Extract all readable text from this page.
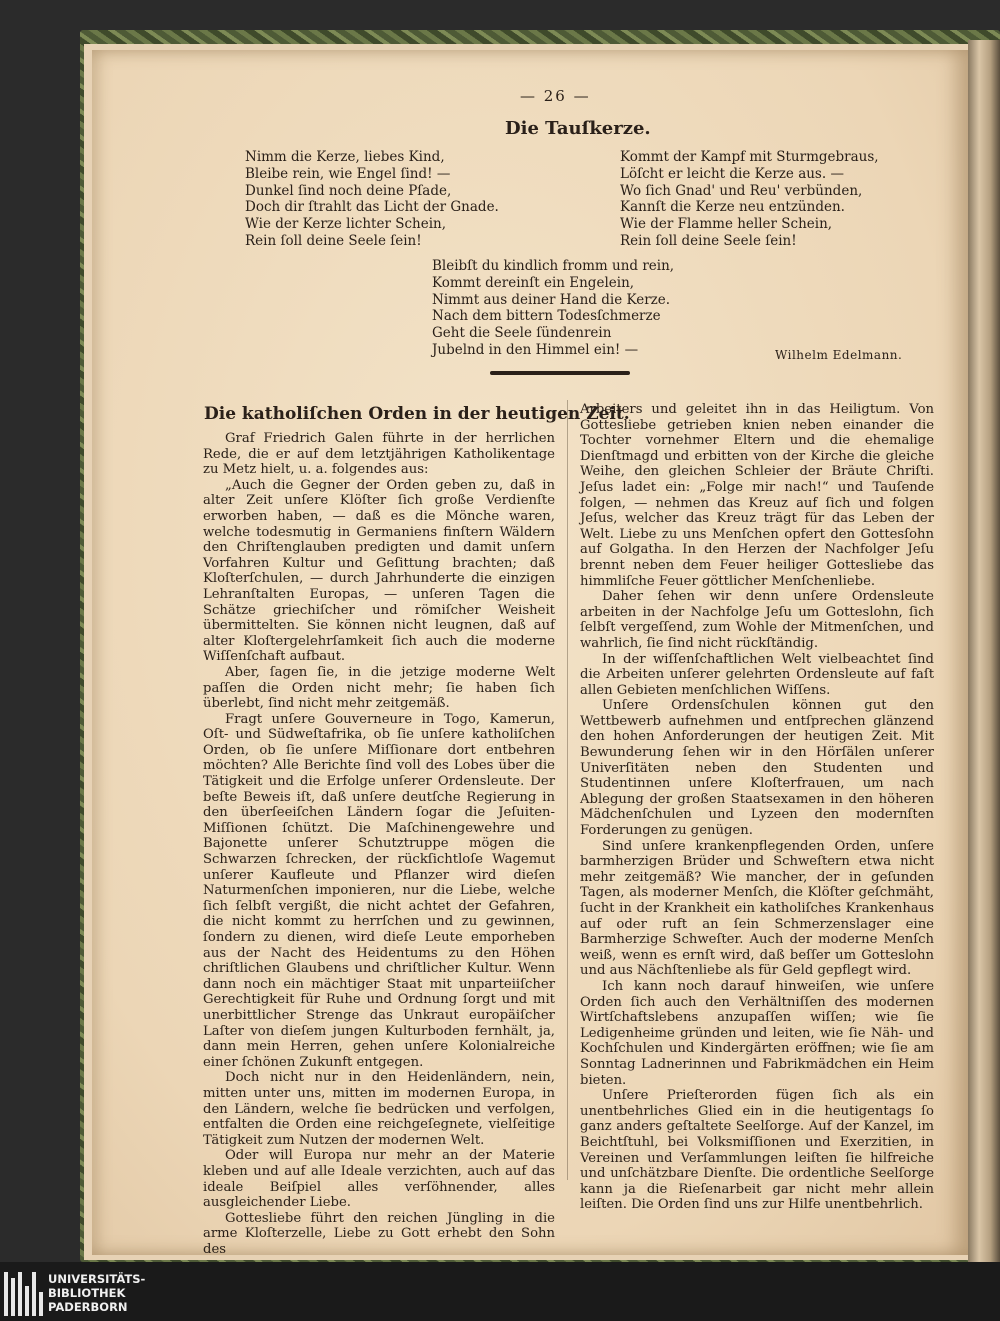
— 26 —
Die Tauſkerze.
Nimm die Kerze, liebes Kind,
Bleibe rein, wie Engel ſind! —
Dunkel ſind noch deine Pſade,
Doch dir ſtrahlt das Licht der Gnade.
Wie der Kerze lichter Schein,
Rein ſoll deine Seele ſein!
Kommt der Kampf mit Sturmgebraus,
Löſcht er leicht die Kerze aus. —
Wo ſich Gnad' und Reu' verbünden,
Kannſt die Kerze neu entzünden.
Wie der Flamme heller Schein,
Rein ſoll deine Seele ſein!
Bleibſt du kindlich fromm und rein,
Kommt dereinſt ein Engelein,
Nimmt aus deiner Hand die Kerze.
Nach dem bittern Todesſchmerze
Geht die Seele ſündenrein
Jubelnd in den Himmel ein! —	Wilhelm Edelmann.
Die katholiſchen Orden in der heutigen Zeit.

Graf Friedrich Galen führte in der herrlichen Rede, die er auf dem letztjährigen Katholikentage zu Metz hielt, u. a. folgendes aus:

„Auch die Gegner der Orden geben zu, daß in alter Zeit unſere Klöſter ſich große Verdienſte erworben haben, — daß es die Mönche waren, welche todesmutig in Germaniens finſtern Wäldern den Chriſtenglauben predigten und damit unſern Vorfahren Kultur und Geſittung brachten; daß Kloſterſchulen, — durch Jahrhunderte die einzigen Lehranſtalten Europas, — unſeren Tagen die Schätze griechiſcher und römiſcher Weisheit übermittelten. Sie können nicht leugnen, daß auf alter Kloſtergelehrſamkeit ſich auch die moderne Wiſſenſchaft aufbaut.

Aber, ſagen ſie, in die jetzige moderne Welt paſſen die Orden nicht mehr; ſie haben ſich überlebt, ſind nicht mehr zeitgemäß.

Fragt unſere Gouverneure in Togo, Kamerun, Oſt- und Südweſtafrika, ob ſie unſere katholiſchen Orden, ob ſie unſere Miſſionare dort entbehren möchten? Alle Berichte ſind voll des Lobes über die Tätigkeit und die Erfolge unſerer Ordensleute. Der beſte Beweis iſt, daß unſere deutſche Regierung in den überſeeiſchen Ländern ſogar die Jeſuiten-Miſſionen ſchützt. Die Maſchinengewehre und Bajonette unſerer Schutztruppe mögen die Schwarzen ſchrecken, der rückſichtloſe Wagemut unſerer Kaufleute und Pflanzer wird dieſen Naturmenſchen imponieren, nur die Liebe, welche ſich ſelbſt vergißt, die nicht achtet der Gefahren, die nicht kommt zu herrſchen und zu gewinnen, ſondern zu dienen, wird dieſe Leute emporheben aus der Nacht des Heidentums zu den Höhen chriſtlichen Glaubens und chriſtlicher Kultur. Wenn dann noch ein mächtiger Staat mit unparteiiſcher Gerechtigkeit für Ruhe und Ordnung ſorgt und mit unerbittlicher Strenge das Unkraut europäiſcher Laſter von dieſem jungen Kulturboden fernhält, ja, dann mein Herren, gehen unſere Kolonialreiche einer ſchönen Zukunft entgegen.

Doch nicht nur in den Heidenländern, nein, mitten unter uns, mitten im modernen Europa, in den Ländern, welche ſie bedrücken und verfolgen, entfalten die Orden eine reichgeſegnete, vielſeitige Tätigkeit zum Nutzen der modernen Welt.

Oder will Europa nur mehr an der Materie kleben und auf alle Ideale verzichten, auch auf das ideale Beiſpiel alles verſöhnender, alles ausgleichender Liebe.

Gottesliebe führt den reichen Jüngling in die arme Kloſterzelle, Liebe zu Gott erhebt den Sohn des

Arbeiters und geleitet ihn in das Heiligtum. Von Gottesliebe getrieben knien neben einander die Tochter vornehmer Eltern und die ehemalige Dienſtmagd und erbitten von der Kirche die gleiche Weihe, den gleichen Schleier der Bräute Chriſti. Jeſus ladet ein: „Folge mir nach!“ und Tauſende folgen, — nehmen das Kreuz auf ſich und folgen Jeſus, welcher das Kreuz trägt für das Leben der Welt. Liebe zu uns Menſchen opfert den Gottesſohn auf Golgatha. In den Herzen der Nachfolger Jeſu brennt neben dem Feuer heiliger Gottesliebe das himmliſche Feuer göttlicher Menſchenliebe.

Daher ſehen wir denn unſere Ordensleute arbeiten in der Nachfolge Jeſu um Gotteslohn, ſich ſelbſt vergeſſend, zum Wohle der Mitmenſchen, und wahrlich, ſie ſind nicht rückſtändig.

In der wiſſenſchaftlichen Welt vielbeachtet ſind die Arbeiten unſerer gelehrten Ordensleute auf faſt allen Gebieten menſchlichen Wiſſens.

Unſere Ordensſchulen können gut den Wettbewerb aufnehmen und entſprechen glänzend den hohen Anforderungen der heutigen Zeit. Mit Bewunderung ſehen wir in den Hörſälen unſerer Univerſitäten neben den Studenten und Studentinnen unſere Kloſterfrauen, um nach Ablegung der großen Staatsexamen in den höheren Mädchenſchulen und Lyzeen den modernſten Forderungen zu genügen.

Sind unſere krankenpflegenden Orden, unſere barmherzigen Brüder und Schweſtern etwa nicht mehr zeitgemäß? Wie mancher, der in geſunden Tagen, als moderner Menſch, die Klöſter geſchmäht, ſucht in der Krankheit ein katholiſches Krankenhaus auf oder ruft an ſein Schmerzenslager eine Barmherzige Schweſter. Auch der moderne Menſch weiß, wenn es ernſt wird, daß beſſer um Gotteslohn und aus Nächſtenliebe als für Geld gepflegt wird.

Ich kann noch darauf hinweiſen, wie unſere Orden ſich auch den Verhältniſſen des modernen Wirtſchaftslebens anzupaſſen wiſſen; wie ſie Ledigenheime gründen und leiten, wie ſie Näh- und Kochſchulen und Kindergärten eröffnen; wie ſie am Sonntag Ladnerinnen und Fabrikmädchen ein Heim bieten.

Unſere Prieſterorden fügen ſich als ein unentbehrliches Glied ein in die heutigentags ſo ganz anders geſtaltete Seelſorge. Auf der Kanzel, im Beichtſtuhl, bei Volksmiſſionen und Exerzitien, in Vereinen und Verſammlungen leiſten ſie hilfreiche und unſchätzbare Dienſte. Die ordentliche Seelſorge kann ja die Rieſenarbeit gar nicht mehr allein leiſten. Die Orden ſind uns zur Hilfe unentbehrlich.

UNIVERSITÄTS-
BIBLIOTHEK
PADERBORN
